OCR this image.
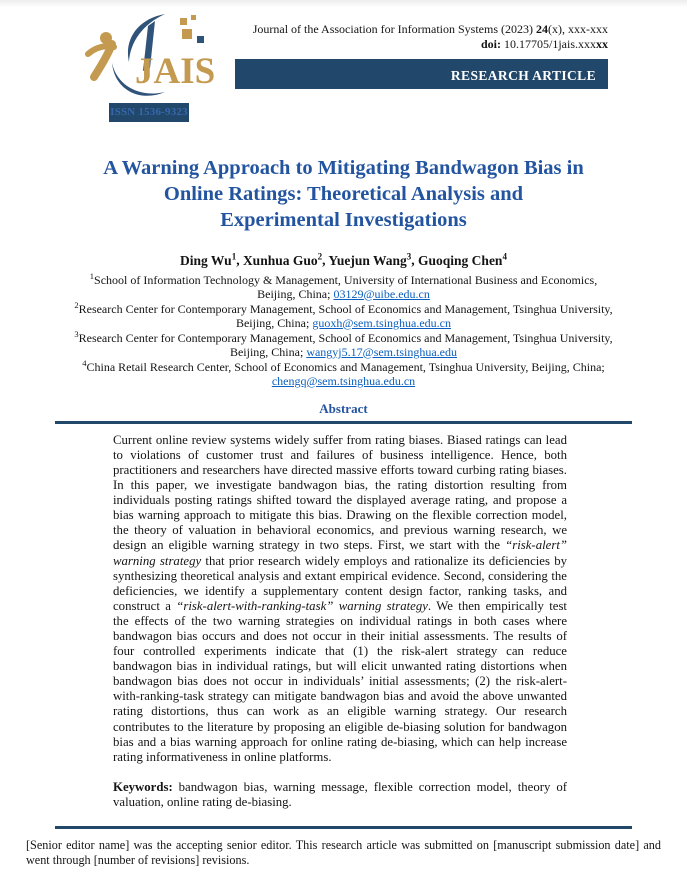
JAIS
ISSN 1536-9323
Journal of the Association for Information Systems (2023) 24(x), xxx-xxx
doi: 10.17705/1jais.xxxxx
RESEARCH ARTICLE
A Warning Approach to Mitigating Bandwagon Bias in
Online Ratings: Theoretical Analysis and
Experimental Investigations
Ding Wu$^1$, Xunhua Guo$^2$, Yuejun Wang$^3$, Guoqing Chen$^4$
$^1$School of Information Technology & Management, University of International Business and Economics, Beijing, China; 03129@uibe.edu.cn
$^2$Research Center for Contemporary Management, School of Economics and Management, Tsinghua University, Beijing, China; guoxh@sem.tsinghua.edu.cn
$^3$Research Center for Contemporary Management, School of Economics and Management, Tsinghua University, Beijing, China; wangyj5.17@sem.tsinghua.edu
$^4$China Retail Research Center, School of Economics and Management, Tsinghua University, Beijing, China; chengq@sem.tsinghua.edu.cn
Abstract
Current online review systems widely suffer from rating biases. Biased ratings can lead to violations of customer trust and failures of business intelligence. Hence, both practitioners and researchers have directed massive efforts toward curbing rating biases. In this paper, we investigate bandwagon bias, the rating distortion resulting from individuals posting ratings shifted toward the displayed average rating, and propose a bias warning approach to mitigate this bias. Drawing on the flexible correction model, the theory of valuation in behavioral economics, and previous warning research, we design an eligible warning strategy in two steps. First, we start with the “risk-alert” warning strategy that prior research widely employs and rationalize its deficiencies by synthesizing theoretical analysis and extant empirical evidence. Second, considering the deficiencies, we identify a supplementary content design factor, ranking tasks, and construct a “risk-alert-with-ranking-task” warning strategy. We then empirically test the effects of the two warning strategies on individual ratings in both cases where bandwagon bias occurs and does not occur in their initial assessments. The results of four controlled experiments indicate that (1) the risk-alert strategy can reduce bandwagon bias in individual ratings, but will elicit unwanted rating distortions when bandwagon bias does not occur in individuals’ initial assessments; (2) the risk-alert-with-ranking-task strategy can mitigate bandwagon bias and avoid the above unwanted rating distortions, thus can work as an eligible warning strategy. Our research contributes to the literature by proposing an eligible de-biasing solution for bandwagon bias and a bias warning approach for online rating de-biasing, which can help increase rating informativeness in online platforms.
Keywords: bandwagon bias, warning message, flexible correction model, theory of valuation, online rating de-biasing.
[Senior editor name] was the accepting senior editor. This research article was submitted on [manuscript submission date] and went through [number of revisions] revisions.
